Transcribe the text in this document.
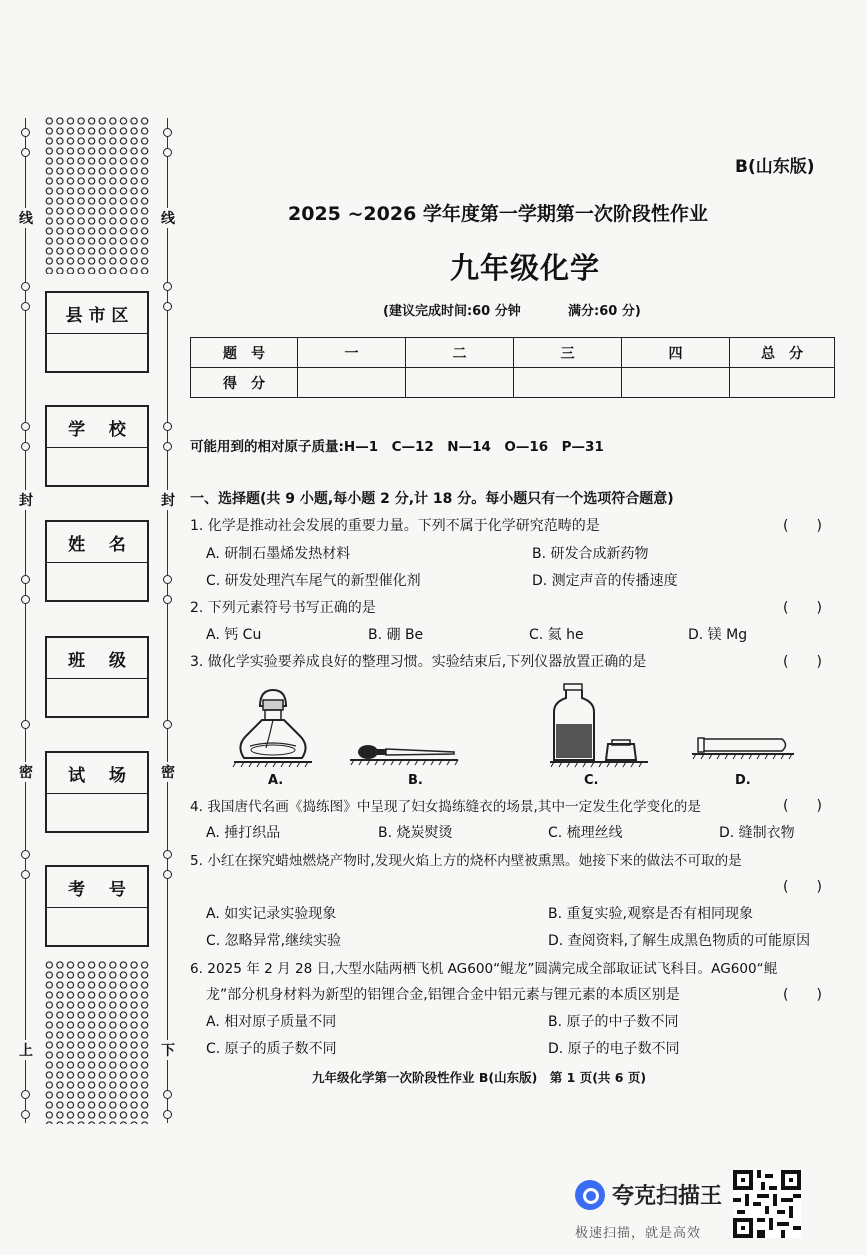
线
封
密
上
线
封
密
下
县 市 区
学    校
姓    名
班    级
试    场
考    号
B(山东版)
2025 ~2026 学年度第一学期第一次阶段性作业
九年级化学
(建议完成时间:60 分钟	满分:60 分)
题　号	一	二	三	四	总　分
得　分					
可能用到的相对原子质量:H—1　C—12　N—14　O—16　P—31
一、选择题(共 9 小题,每小题 2 分,计 18 分。每小题只有一个选项符合题意)
1. 化学是推动社会发展的重要力量。下列不属于化学研究范畴的是	(　　)
A. 研制石墨烯发热材料	B. 研发合成新药物
C. 研发处理汽车尾气的新型催化剂	D. 测定声音的传播速度
2. 下列元素符号书写正确的是	(　　)
A. 钙 Cu	B. 硼 Be	C. 氦 he	D. 镁 Mg
3. 做化学实验要养成良好的整理习惯。实验结束后,下列仪器放置正确的是	(　　)
A.	B.	C.	D.
4. 我国唐代名画《捣练图》中呈现了妇女捣练缝衣的场景,其中一定发生化学变化的是	(　　)
A. 捶打织品	B. 烧炭熨烫	C. 梳理丝线	D. 缝制衣物
5. 小红在探究蜡烛燃烧产物时,发现火焰上方的烧杯内壁被熏黑。她接下来的做法不可取的是
(　　)
A. 如实记录实验现象	B. 重复实验,观察是否有相同现象
C. 忽略异常,继续实验	D. 查阅资料,了解生成黑色物质的可能原因
6. 2025 年 2 月 28 日,大型水陆两栖飞机 AG600“鲲龙”圆满完成全部取证试飞科目。AG600“鲲
龙”部分机身材料为新型的铝锂合金,铝锂合金中铝元素与锂元素的本质区别是	(　　)
A. 相对原子质量不同	B. 原子的中子数不同
C. 原子的质子数不同	D. 原子的电子数不同
九年级化学第一次阶段性作业 B(山东版)　第 1 页(共 6 页)
夸克扫描王
极速扫描，就是高效
